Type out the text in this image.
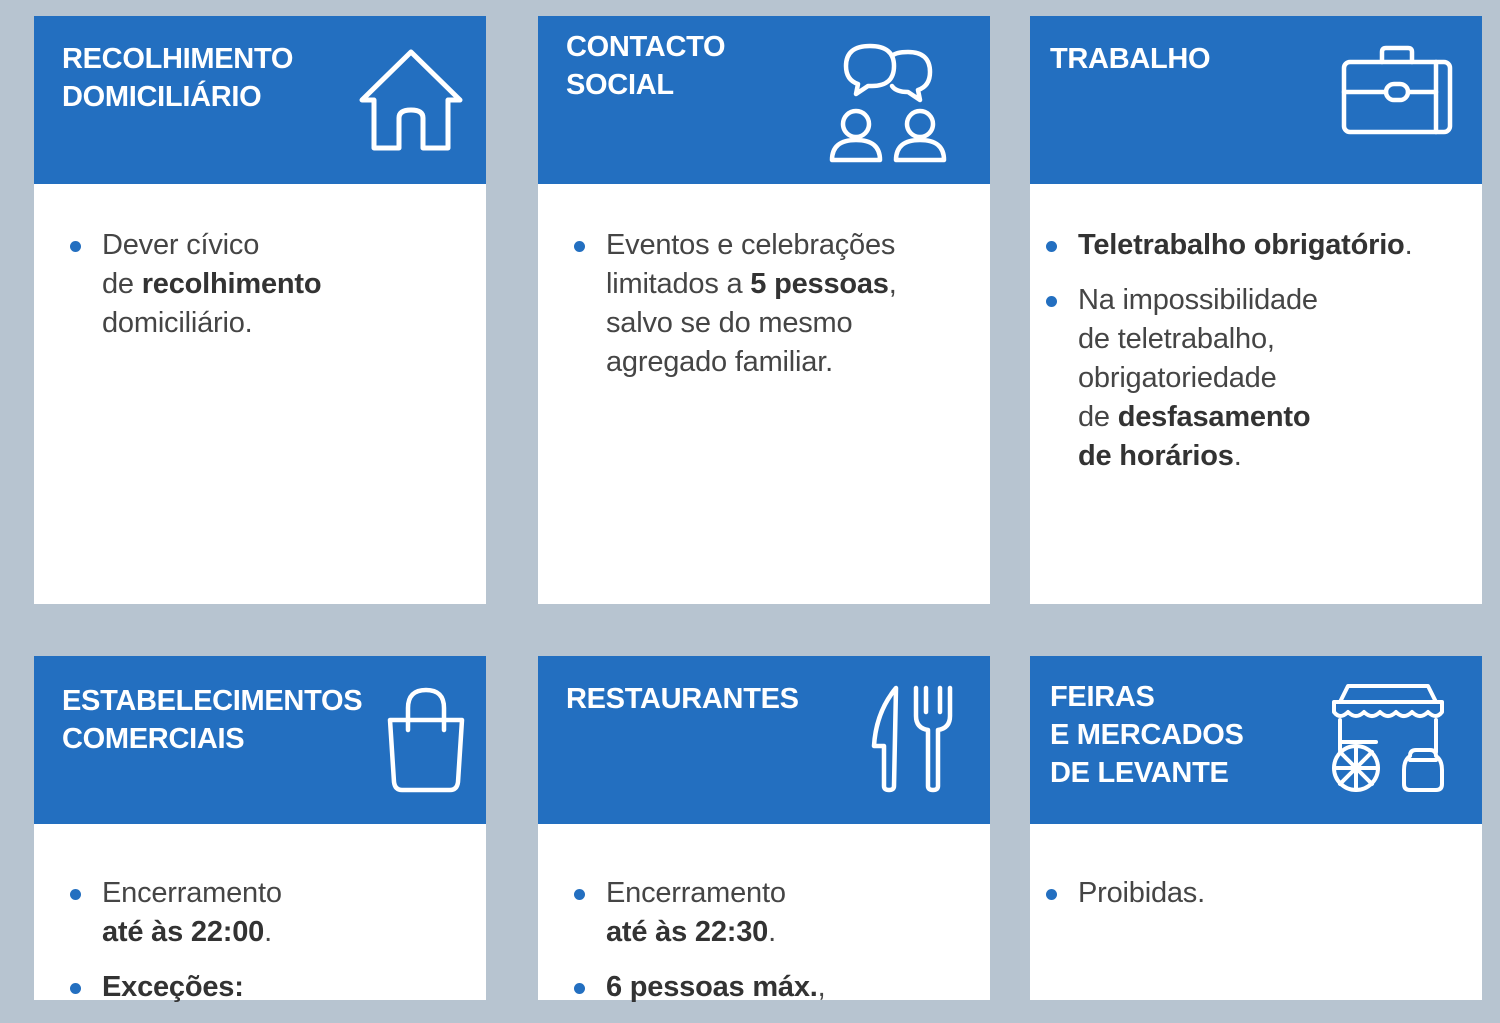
RECOLHIMENTO
DOMICILIÁRIO
Dever cívico
de recolhimento
domiciliário.
CONTACTO
SOCIAL
Eventos e celebrações
limitados a 5 pessoas,
salvo se do mesmo
agregado familiar.
TRABALHO
Teletrabalho obrigatório.
Na impossibilidade
de teletrabalho,
obrigatoriedade
de desfasamento
de horários.
ESTABELECIMENTOS
COMERCIAIS
Encerramento
até às 22:00.
Exceções:
RESTAURANTES
Encerramento
até às 22:30.
6 pessoas máx.,
FEIRAS
E MERCADOS
DE LEVANTE
Proibidas.
